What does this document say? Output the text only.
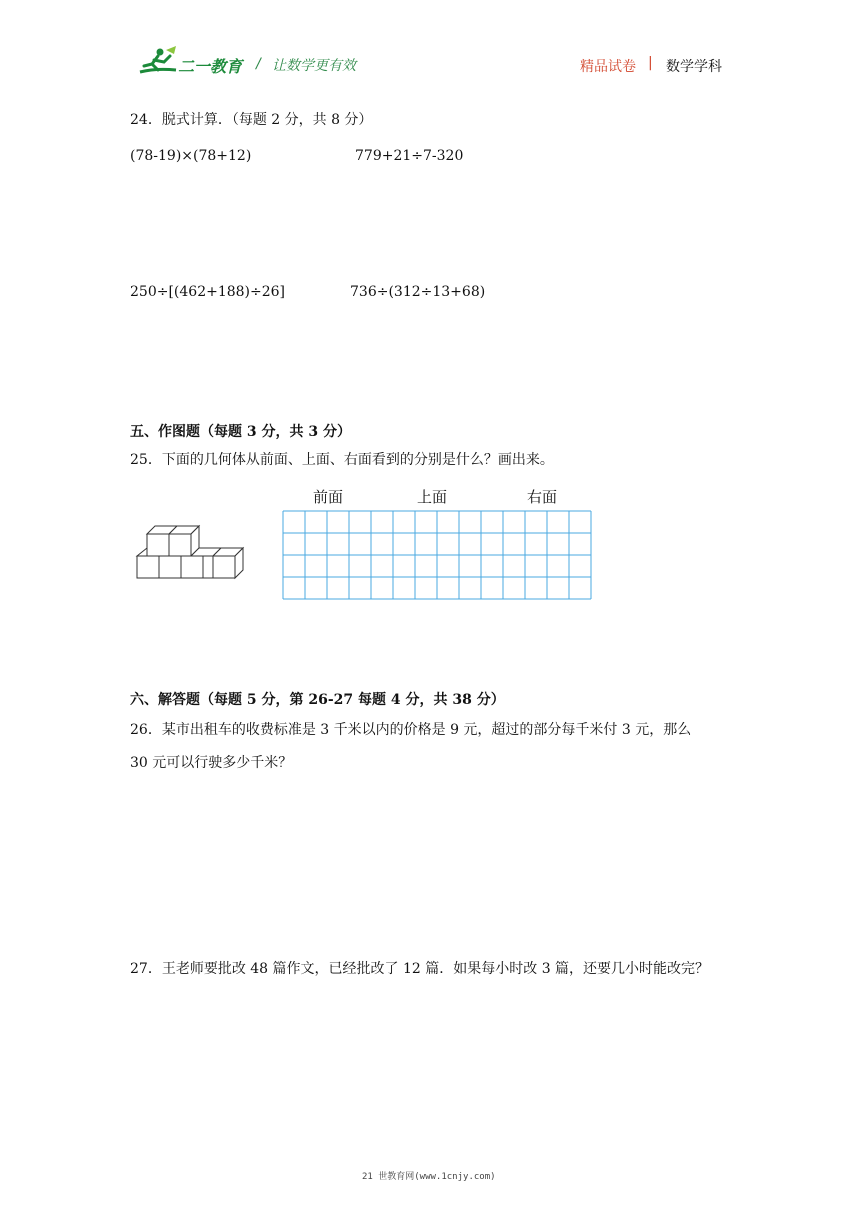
二一教育 / 让数学更有效	精品试卷 | 数学学科
24．脱式计算．（每题 2 分，共 8 分）
(78-19)×(78+12)	779+21÷7-320
250÷[(462+188)÷26]	736÷(312÷13+68)
五、作图题（每题 3 分，共 3 分）
25．下面的几何体从前面、上面、右面看到的分别是什么？画出来。
前面	上面	右面
六、解答题（每题 5 分，第 26-27 每题 4 分，共 38 分）
26．某市出租车的收费标准是 3 千米以内的价格是 9 元，超过的部分每千米付 3 元，那么
30 元可以行驶多少千米？
27．王老师要批改 48 篇作文，已经批改了 12 篇．如果每小时改 3 篇，还要几小时能改完？
21 世教育网(www.1cnjy.com)
